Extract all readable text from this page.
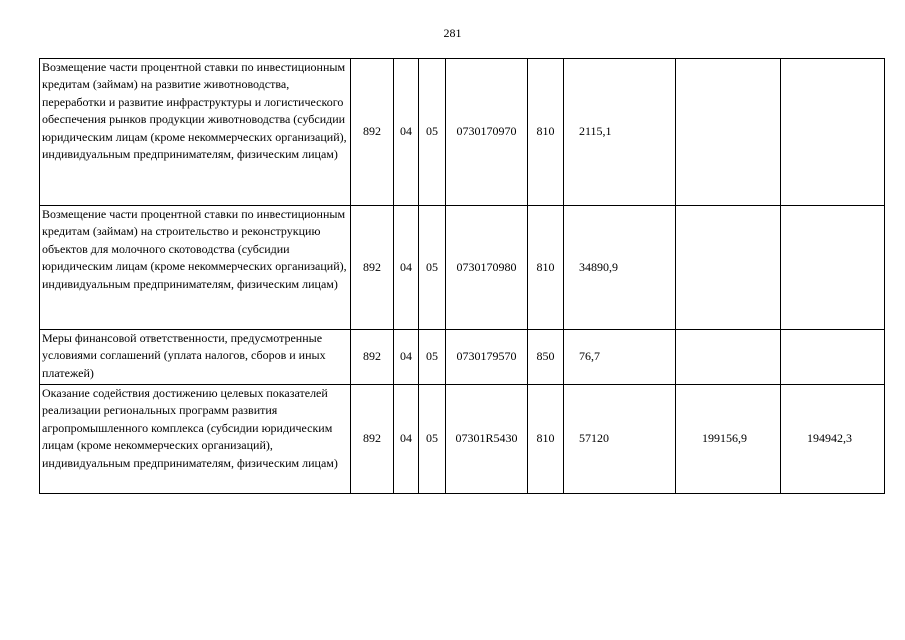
281
Возмещение части процентной ставки по инвестиционным кредитам (займам) на развитие животноводства, переработки и развитие инфраструктуры и логистического обеспечения рынков продукции животноводства (субсидии юридическим лицам (кроме некоммерческих организаций), индивидуальным предпринимателям, физическим лицам)	892	04	05	0730170970	810	2115,1		
Возмещение части процентной ставки по инвестиционным кредитам (займам) на строительство и реконструкцию объектов для молочного скотоводства (субсидии юридическим лицам (кроме некоммерческих организаций), индивидуальным предпринимателям, физическим лицам)	892	04	05	0730170980	810	34890,9		
Меры финансовой ответственности, предусмотренные условиями соглашений (уплата налогов, сборов и иных платежей)	892	04	05	0730179570	850	76,7		
Оказание содействия достижению целевых показателей реализации региональных программ развития агропромышленного комплекса (субсидии юридическим лицам (кроме некоммерческих организаций), индивидуальным предпринимателям, физическим лицам)	892	04	05	07301R5430	810	57120	199156,9	194942,3
